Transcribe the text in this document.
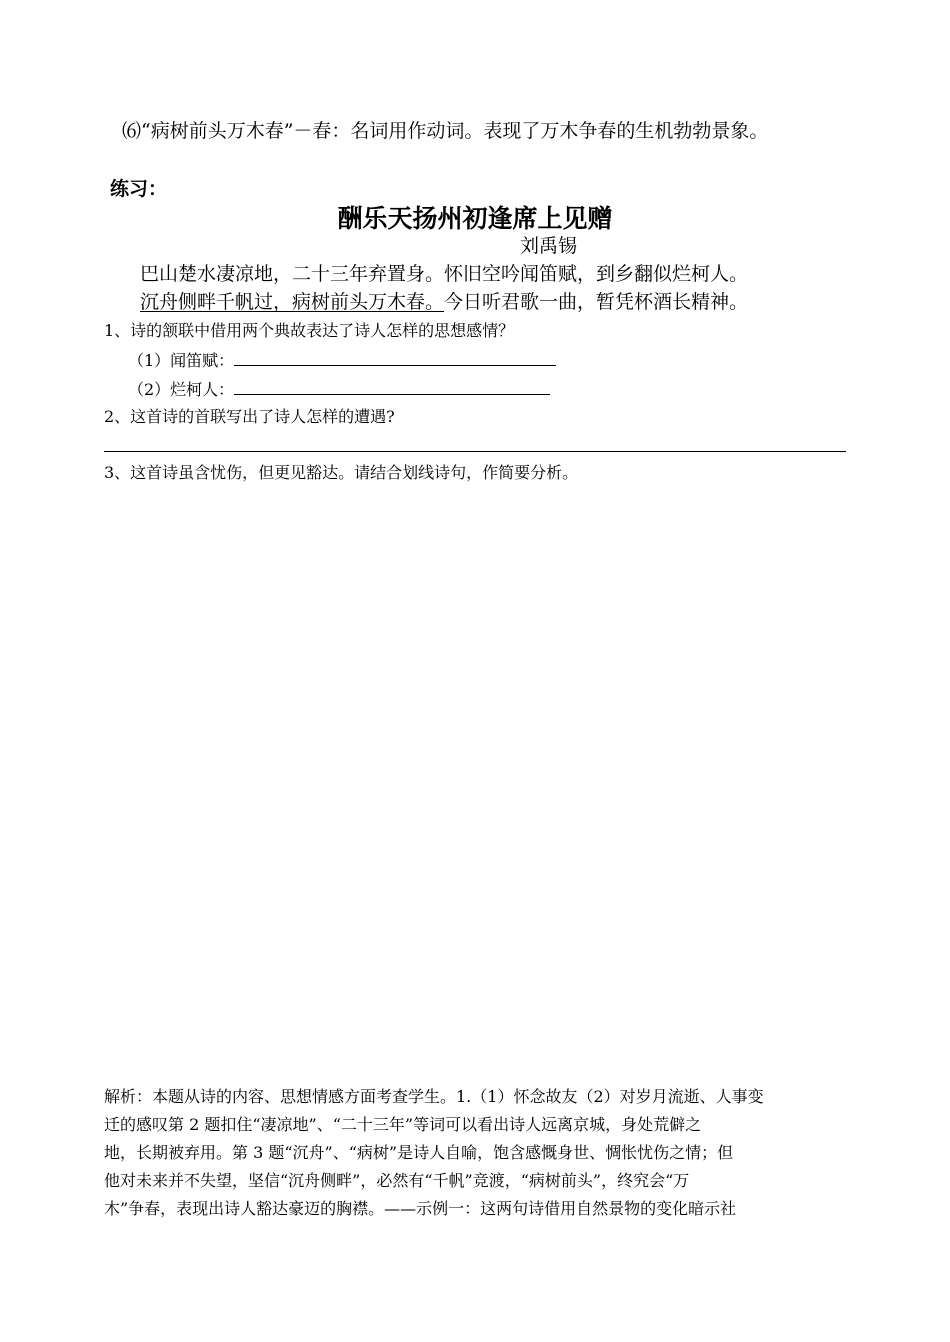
⑹“病树前头万木春”－春：名词用作动词。表现了万木争春的生机勃勃景象。
练习：
酬乐天扬州初逢席上见赠
刘禹锡
巴山楚水凄凉地，二十三年弃置身。怀旧空吟闻笛赋，到乡翻似烂柯人。
沉舟侧畔千帆过，病树前头万木春。今日听君歌一曲，暂凭杯酒长精神。
1、诗的颔联中借用两个典故表达了诗人怎样的思想感情？
（1）闻笛赋：
（2）烂柯人：
2、这首诗的首联写出了诗人怎样的遭遇?
3、这首诗虽含忧伤，但更见豁达。请结合划线诗句，作简要分析。
解析：本题从诗的内容、思想情感方面考查学生。1.（1）怀念故友（2）对岁月流逝、人事变
迁的感叹第 2 题扣住“凄凉地”、“二十三年”等词可以看出诗人远离京城，身处荒僻之
地，长期被弃用。第 3 题“沉舟”、“病树”是诗人自喻，饱含感慨身世、惆怅忧伤之情；但
他对未来并不失望，坚信“沉舟侧畔”，必然有“千帆”竞渡，“病树前头”，终究会“万
木”争春，表现出诗人豁达豪迈的胸襟。——示例一：这两句诗借用自然景物的变化暗示社
